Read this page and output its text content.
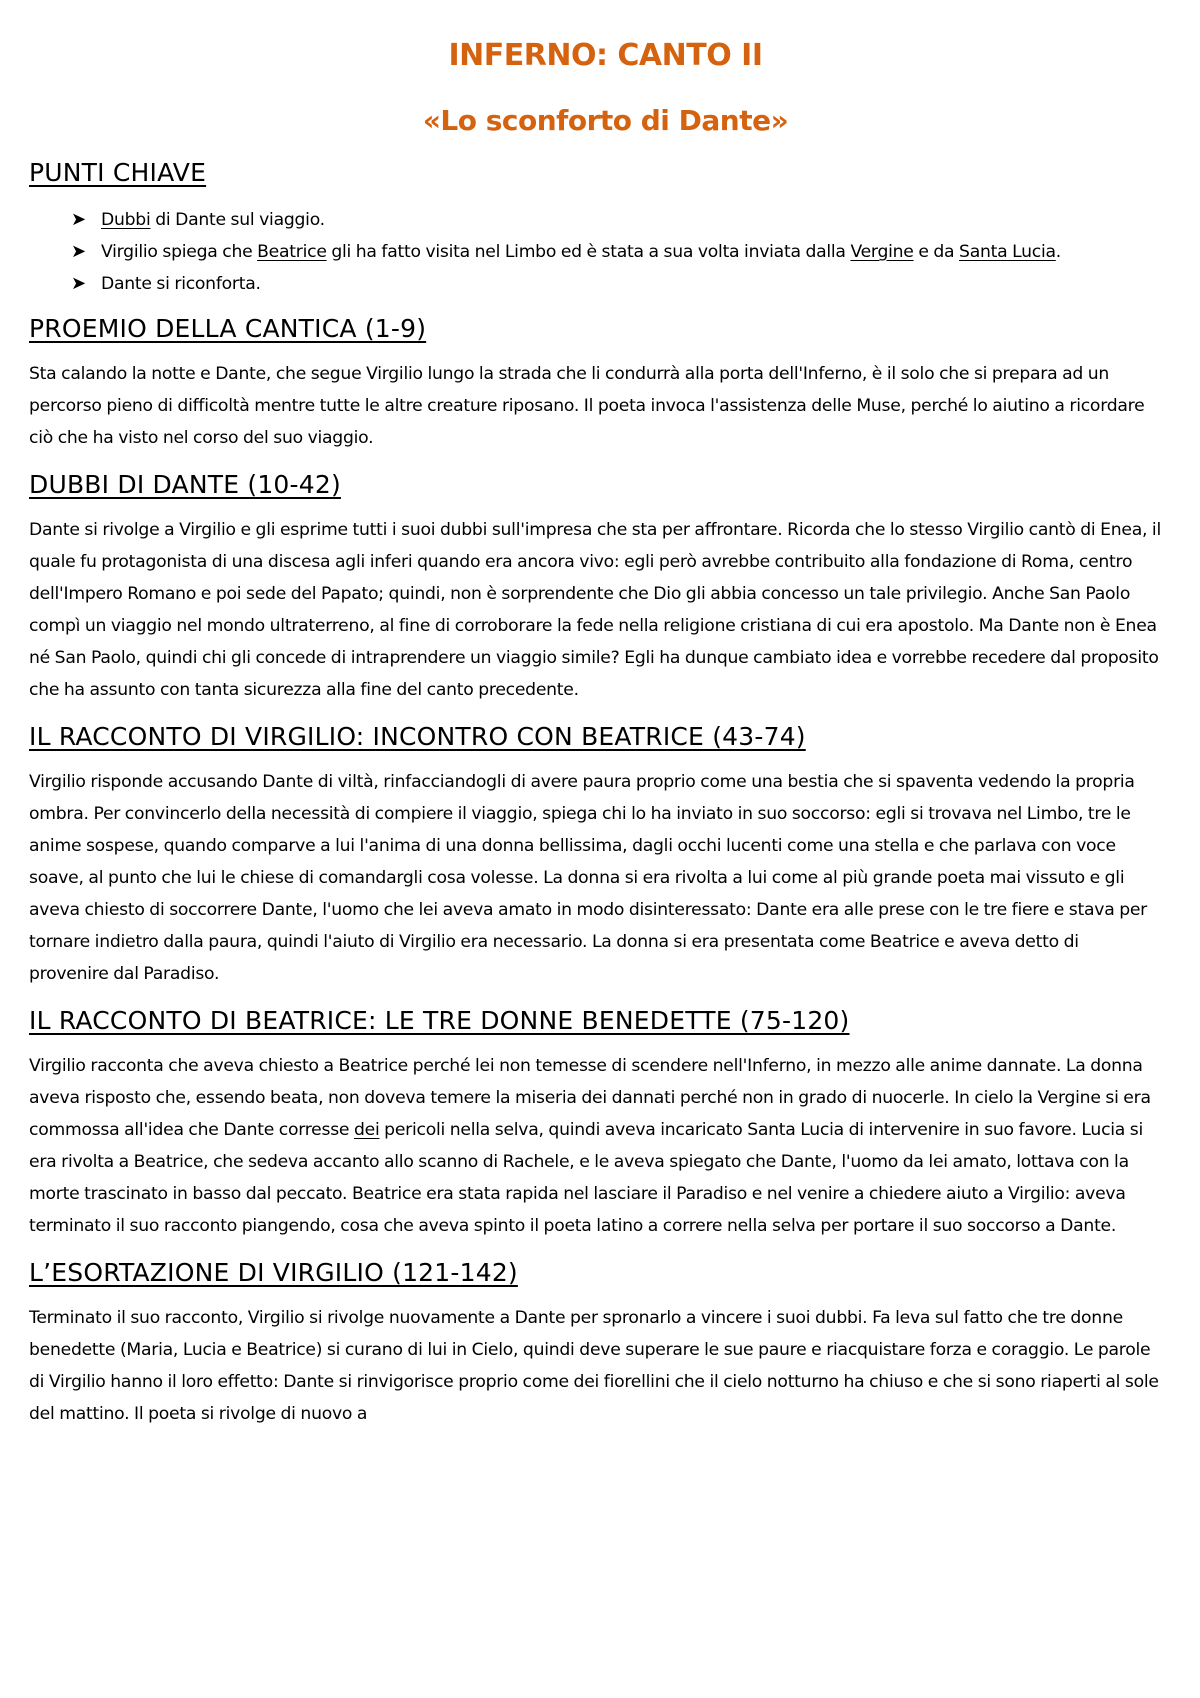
INFERNO: CANTO II
«Lo sconforto di Dante»
PUNTI CHIAVE
➤ Dubbi di Dante sul viaggio.
➤ Virgilio spiega che Beatrice gli ha fatto visita nel Limbo ed è stata a sua volta inviata dalla Vergine e da Santa Lucia.
➤ Dante si riconforta.
PROEMIO DELLA CANTICA (1-9)

Sta calando la notte e Dante, che segue Virgilio lungo la strada che li condurrà alla porta dell'Inferno, è il solo che si prepara ad un percorso pieno di difficoltà mentre tutte le altre creature riposano. Il poeta invoca l'assistenza delle Muse, perché lo aiutino a ricordare ciò che ha visto nel corso del suo viaggio.

DUBBI DI DANTE (10-42)

Dante si rivolge a Virgilio e gli esprime tutti i suoi dubbi sull'impresa che sta per affrontare. Ricorda che lo stesso Virgilio cantò di Enea, il quale fu protagonista di una discesa agli inferi quando era ancora vivo: egli però avrebbe contribuito alla fondazione di Roma, centro dell'Impero Romano e poi sede del Papato; quindi, non è sorprendente che Dio gli abbia concesso un tale privilegio. Anche San Paolo compì un viaggio nel mondo ultraterreno, al fine di corroborare la fede nella religione cristiana di cui era apostolo. Ma Dante non è Enea né San Paolo, quindi chi gli concede di intraprendere un viaggio simile? Egli ha dunque cambiato idea e vorrebbe recedere dal proposito che ha assunto con tanta sicurezza alla fine del canto precedente.

IL RACCONTO DI VIRGILIO: INCONTRO CON BEATRICE (43-74)

Virgilio risponde accusando Dante di viltà, rinfacciandogli di avere paura proprio come una bestia che si spaventa vedendo la propria ombra. Per convincerlo della necessità di compiere il viaggio, spiega chi lo ha inviato in suo soccorso: egli si trovava nel Limbo, tre le anime sospese, quando comparve a lui l'anima di una donna bellissima, dagli occhi lucenti come una stella e che parlava con voce soave, al punto che lui le chiese di comandargli cosa volesse. La donna si era rivolta a lui come al più grande poeta mai vissuto e gli aveva chiesto di soccorrere Dante, l'uomo che lei aveva amato in modo disinteressato: Dante era alle prese con le tre fiere e stava per tornare indietro dalla paura, quindi l'aiuto di Virgilio era necessario. La donna si era presentata come Beatrice e aveva detto di provenire dal Paradiso.

IL RACCONTO DI BEATRICE: LE TRE DONNE BENEDETTE (75-120)

Virgilio racconta che aveva chiesto a Beatrice perché lei non temesse di scendere nell'Inferno, in mezzo alle anime dannate. La donna aveva risposto che, essendo beata, non doveva temere la miseria dei dannati perché non in grado di nuocerle. In cielo la Vergine si era commossa all'idea che Dante corresse dei pericoli nella selva, quindi aveva incaricato Santa Lucia di intervenire in suo favore. Lucia si era rivolta a Beatrice, che sedeva accanto allo scanno di Rachele, e le aveva spiegato che Dante, l'uomo da lei amato, lottava con la morte trascinato in basso dal peccato. Beatrice era stata rapida nel lasciare il Paradiso e nel venire a chiedere aiuto a Virgilio: aveva terminato il suo racconto piangendo, cosa che aveva spinto il poeta latino a correre nella selva per portare il suo soccorso a Dante.

L’ESORTAZIONE DI VIRGILIO (121-142)

Terminato il suo racconto, Virgilio si rivolge nuovamente a Dante per spronarlo a vincere i suoi dubbi. Fa leva sul fatto che tre donne benedette (Maria, Lucia e Beatrice) si curano di lui in Cielo, quindi deve superare le sue paure e riacquistare forza e coraggio. Le parole di Virgilio hanno il loro effetto: Dante si rinvigorisce proprio come dei fiorellini che il cielo notturno ha chiuso e che si sono riaperti al sole del mattino. Il poeta si rivolge di nuovo a
